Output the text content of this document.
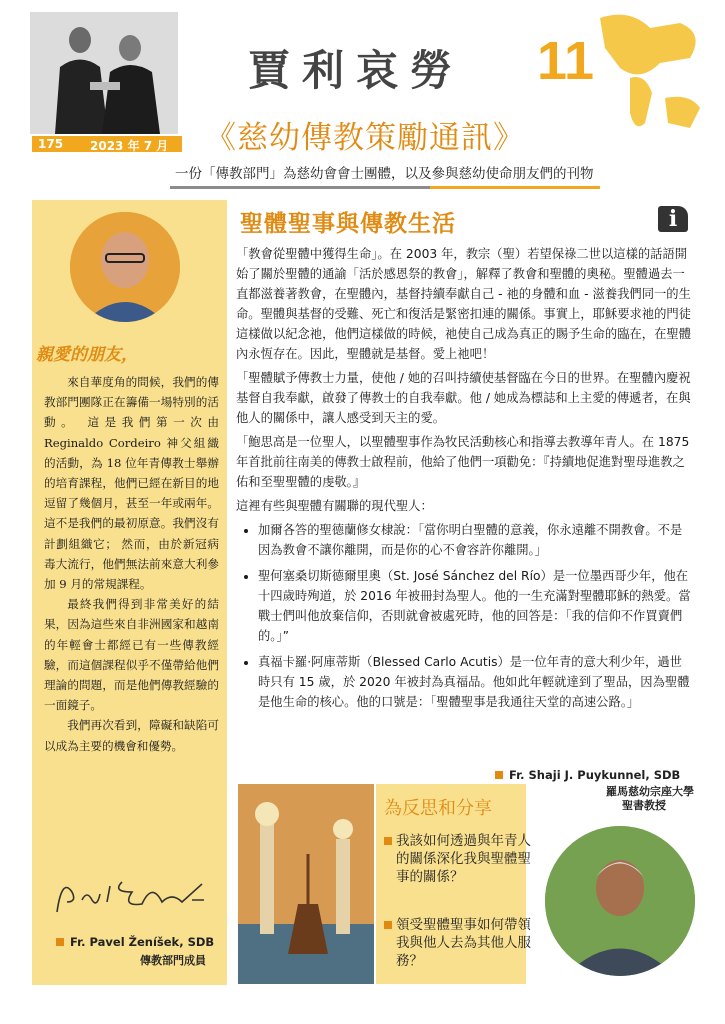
175 2023 年 7 月
賈利哀勞 11
《慈幼傳教策勵通訊》
一份「傳教部門」為慈幼會會士團體，以及參與慈幼使命朋友們的刊物
親愛的朋友，

來自華度角的問候，我們的傳教部門團隊正在籌備一場特別的活動。 這是我們第一次由 Reginaldo Cordeiro 神父組織的活動，為 18 位年青傳教士舉辦的培育課程，他們已經在新目的地逗留了幾個月，甚至一年或兩年。這不是我們的最初原意。我們沒有計劃組織它； 然而，由於新冠病毒大流行，他們無法前來意大利參加 9 月的常規課程。

最終我們得到非常美好的結果，因為這些來自非洲國家和越南的年輕會士都經已有一些傳教經驗，而這個課程似乎不僅帶給他們理論的問題，而是他們傳教經驗的一面鏡子。

我們再次看到，障礙和缺陷可以成為主要的機會和優勢。

Fr. Pavel Ženíšek, SDB
傳教部門成員
聖體聖事與傳教生活	i

「教會從聖體中獲得生命」。在 2003 年，教宗（聖）若望保祿二世以這樣的話語開始了關於聖體的通諭「活於感恩祭的教會」，解釋了教會和聖體的奧秘。聖體過去一直都滋養著教會，在聖體內，基督持續奉獻自己 - 祂的身體和血 - 滋養我們同一的生命。聖體與基督的受難、死亡和復活是緊密扣連的關係。事實上，耶穌要求祂的門徒這樣做以紀念祂，他們這樣做的時候，祂使自己成為真正的賜予生命的臨在，在聖體內永恆存在。因此，聖體就是基督。愛上祂吧！

「聖體賦予傳教士力量，使他 / 她的召叫持續使基督臨在今日的世界。在聖體內慶祝基督自我奉獻，啟發了傳教士的自我奉獻。他 / 她成為標誌和上主愛的傳遞者，在與他人的關係中，讓人感受到天主的愛。

「鮑思高是一位聖人，以聖體聖事作為牧民活動核心和指導去教導年青人。在 1875 年首批前往南美的傳教士啟程前，他給了他們一項勸免：『持續地促進對聖母進教之佑和至聖聖體的虔敬。』

這裡有些與聖體有關聯的現代聖人：

• 加爾各答的聖德蘭修女棣說：「當你明白聖體的意義，你永遠離不開教會。不是因為教會不讓你離開，而是你的心不會容許你離開。」
• 聖何塞桑切斯德爾里奧（St. José Sánchez del Río）是一位墨西哥少年，他在十四歲時殉道，於 2016 年被冊封為聖人。他的一生充滿對聖體耶穌的熱愛。當戰士們叫他放棄信仰，否則就會被處死時，他的回答是：「我的信仰不作買賣們的。」”
• 真福卡羅·阿庫蒂斯（Blessed Carlo Acutis）是一位年青的意大利少年，過世時只有 15 歲，於 2020 年被封為真福品。他如此年輕就達到了聖品，因為聖體是他生命的核心。他的口號是：「聖體聖事是我通往天堂的高速公路。」
Fr. Shaji J. Puykunnel, SDB
羅馬慈幼宗座大學
聖書教授
為反思和分享
我該如何透過與年青人的關係深化我與聖體聖事的關係？
領受聖體聖事如何帶領我與他人去為其他人服務？
